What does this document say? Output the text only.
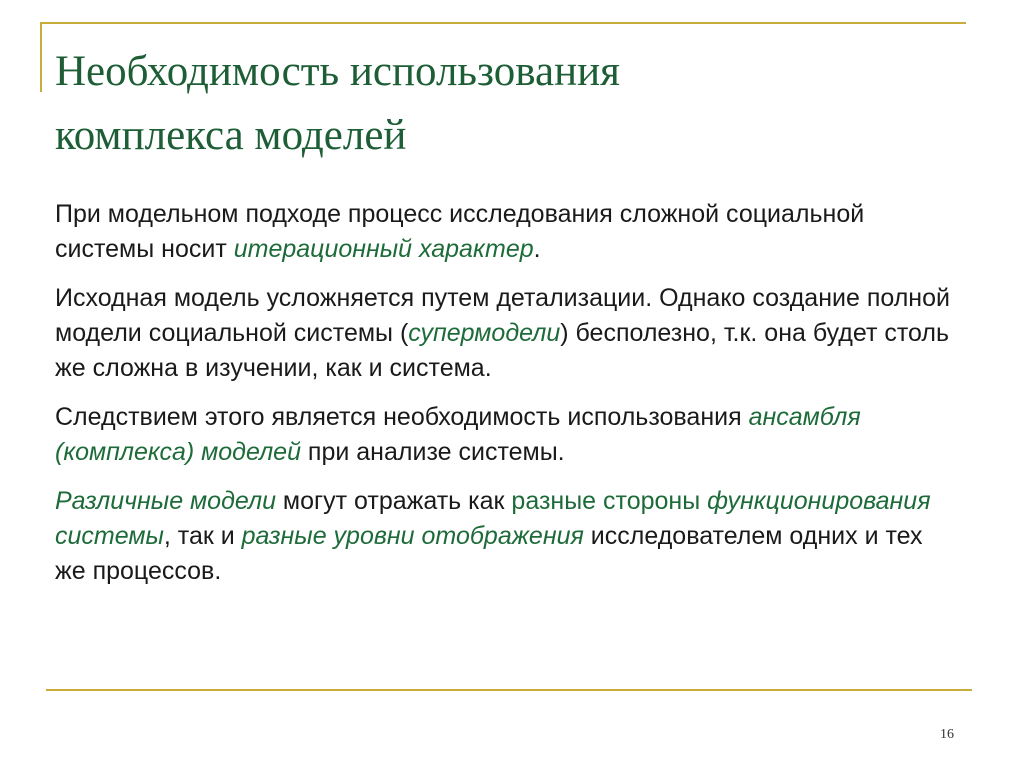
Необходимость использования
комплекса моделей

При модельном подходе процесс исследования сложной социальной системы носит итерационный характер.

Исходная модель усложняется путем детализации. Однако создание полной модели социальной системы (супермодели) бесполезно, т.к. она будет столь же сложна в изучении, как и система.

Следствием этого является необходимость использования ансамбля (комплекса) моделей при анализе системы.

Различные модели могут отражать как разные стороны функционирования системы, так и разные уровни отображения исследователем одних и тех же процессов.

16
